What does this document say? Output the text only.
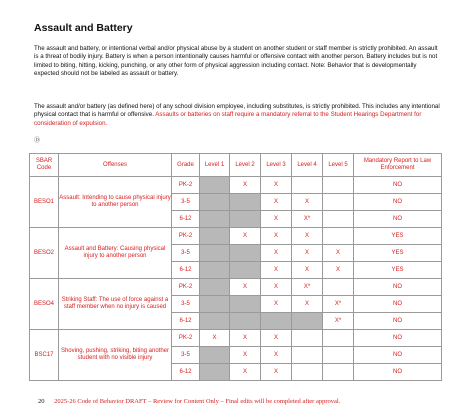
Assault and Battery
The assault and battery, or intentional verbal and/or physical abuse by a student on another student or staff member is strictly prohibited. An assault is a threat of bodily injury. Battery is when a person intentionally causes harmful or offensive contact with another person. Battery includes but is not limited to biting, hitting, kicking, punching, or any other form of physical aggression including contact. Note: Behavior that is developmentally expected should not be labeled as assault or battery.
The assault and/or battery (as defined here) of any school division employee, including substitutes, is strictly prohibited. This includes any intentional physical contact that is harmful or offensive. Assaults or batteries on staff require a mandatory referral to the Student Hearings Department for consideration of expulsion.
Ⓓ
SBAR Code	Offenses	Grade	Level 1	Level 2	Level 3	Level 4	Level 5	Mandatory Report to Law Enforcement
BESO1	Assault: Intending to cause physical injury to another person	PK-2		X	X			NO
		3-5			X	X		NO
		6-12			X	X*		NO
BESO2	Assault and Battery: Causing physical injury to another person	PK-2		X	X	X		YES
		3-5			X	X	X	YES
		6-12			X	X	X	YES
BESO4	Striking Staff: The use of force against a staff member when no injury is caused	PK-2		X	X	X*		NO
		3-5			X	X	X*	NO
		6-12					X*	NO
BSC17	Shoving, pushing, striking, biting another student with no visible injury	PK-2	X	X	X			NO
		3-5		X	X			NO
		6-12		X	X			NO
20 2025-26 Code of Behavior DRAFT – Review for Content Only – Final edits will be completed after approval.
